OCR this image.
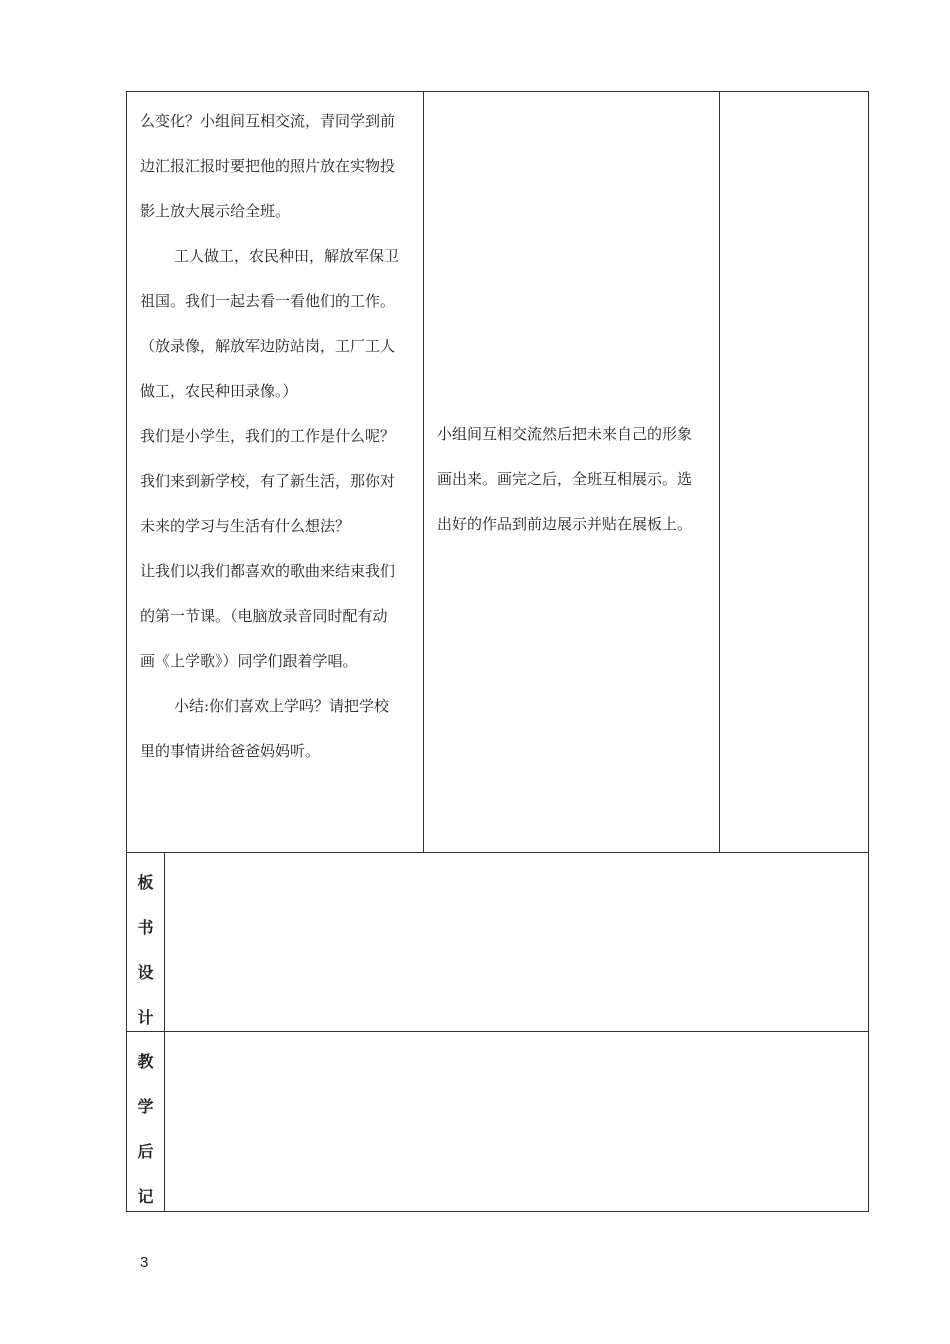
么变化？小组间互相交流，青同学到前

边汇报汇报时要把他的照片放在实物投

影上放大展示给全班。

工人做工，农民种田，解放军保卫

祖国。我们一起去看一看他们的工作。

（放录像，解放军边防站岗，工厂工人

做工，农民种田录像。）

我们是小学生，我们的工作是什么呢？

我们来到新学校，有了新生活，那你对

未来的学习与生活有什么想法？

让我们以我们都喜欢的歌曲来结束我们

的第一节课。（电脑放录音同时配有动

画《上学歌》）同学们跟着学唱。

小结:你们喜欢上学吗？请把学校

里的事情讲给爸爸妈妈听。

小组间互相交流然后把未来自己的形象

画出来。画完之后，全班互相展示。选

出好的作品到前边展示并贴在展板上。

板
书
设
计
教
学
后
记
3
